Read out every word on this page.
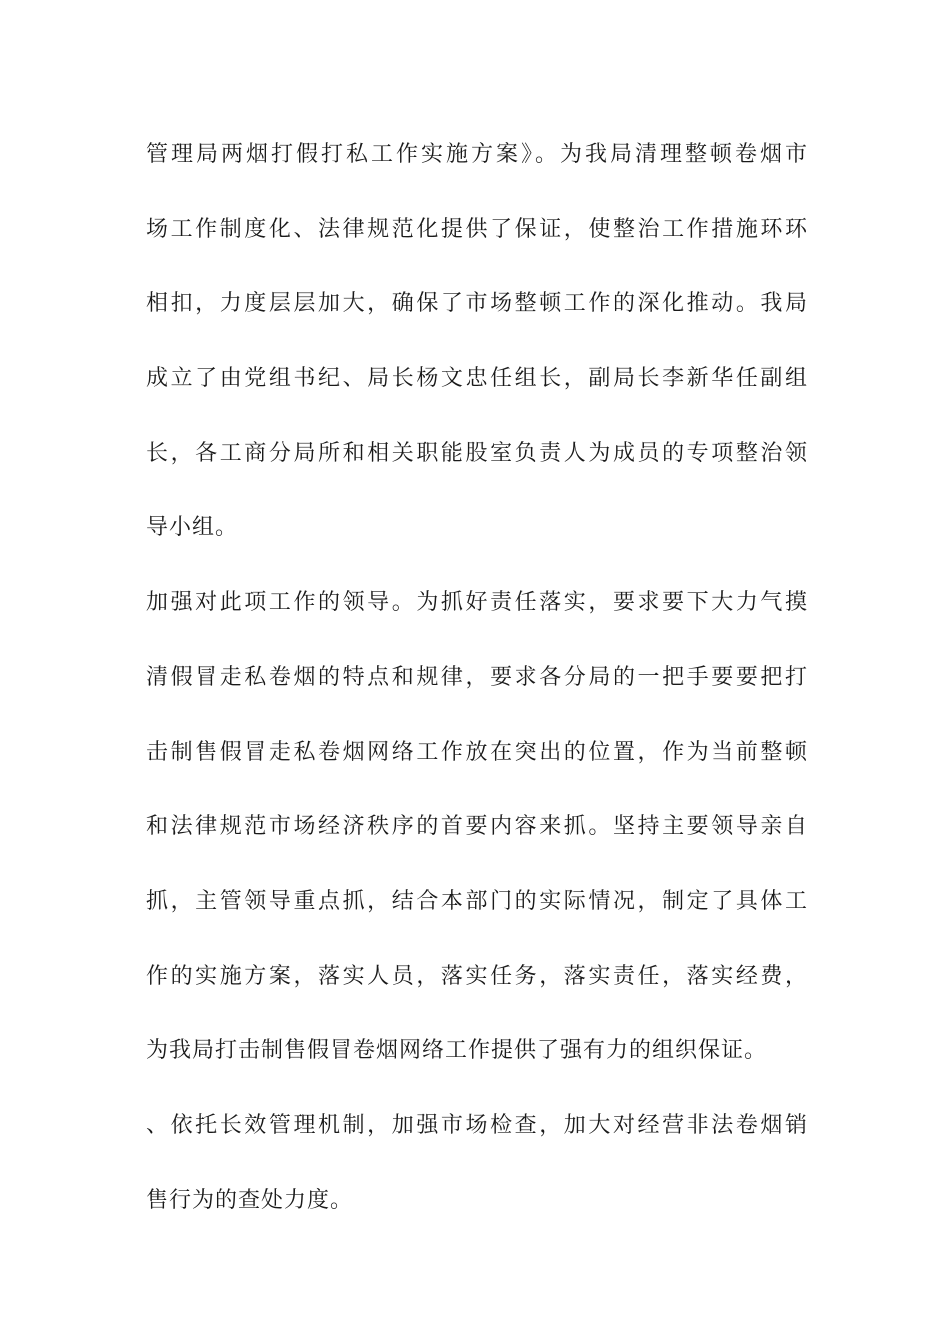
管理局两烟打假打私工作实施方案》。为我局清理整顿卷烟市
场工作制度化、法律规范化提供了保证，使整治工作措施环环
相扣，力度层层加大，确保了市场整顿工作的深化推动。我局
成立了由党组书纪、局长杨文忠任组长，副局长李新华任副组
长，各工商分局所和相关职能股室负责人为成员的专项整治领
导小组。
加强对此项工作的领导。为抓好责任落实，要求要下大力气摸
清假冒走私卷烟的特点和规律，要求各分局的一把手要要把打
击制售假冒走私卷烟网络工作放在突出的位置，作为当前整顿
和法律规范市场经济秩序的首要内容来抓。坚持主要领导亲自
抓，主管领导重点抓，结合本部门的实际情况，制定了具体工
作的实施方案，落实人员，落实任务，落实责任，落实经费，
为我局打击制售假冒卷烟网络工作提供了强有力的组织保证。
、依托长效管理机制，加强市场检查，加大对经营非法卷烟销
售行为的查处力度。
